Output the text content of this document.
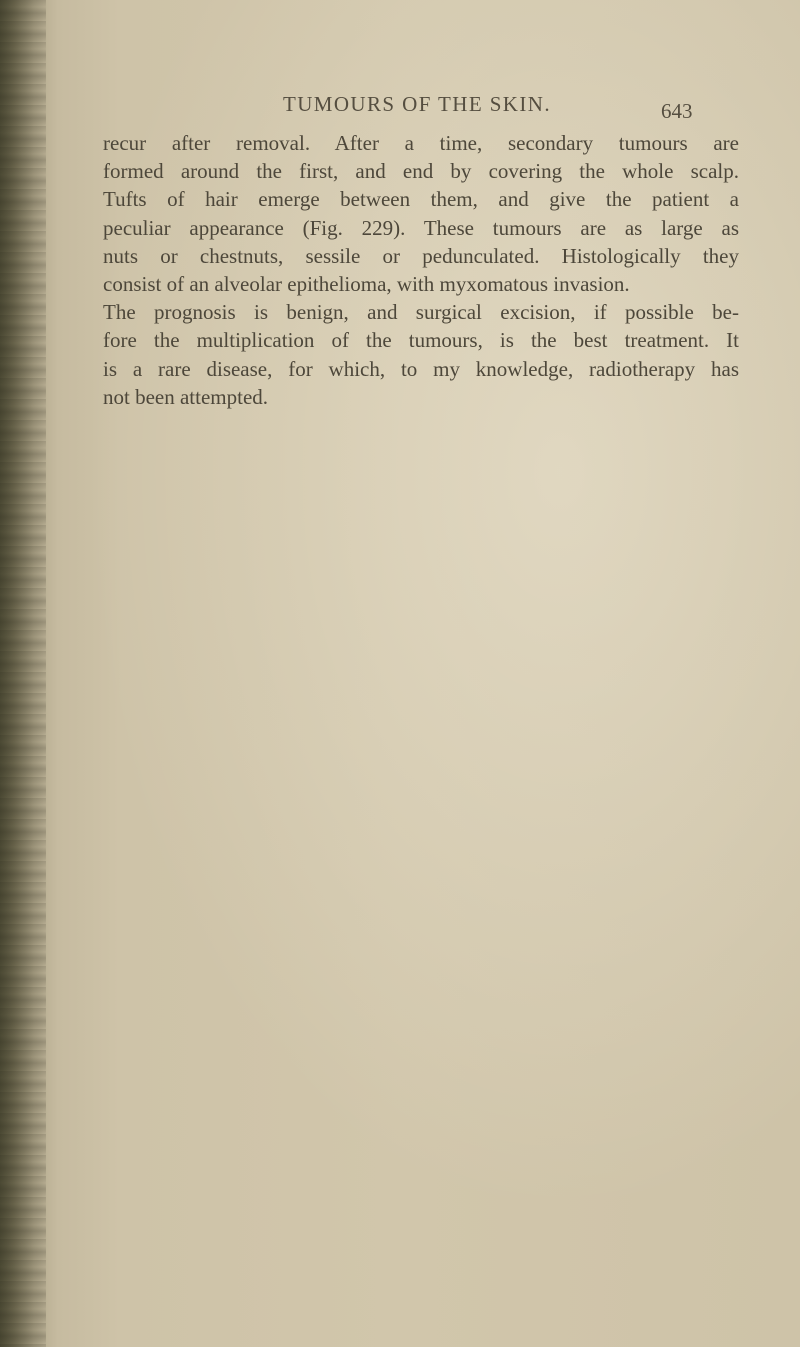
TUMOURS OF THE SKIN.	643
recur after removal. After a time, secondary tumours are
formed around the first, and end by covering the whole scalp.
Tufts of hair emerge between them, and give the patient a
peculiar appearance (Fig. 229). These tumours are as large as
nuts or chestnuts, sessile or pedunculated. Histologically they
consist of an alveolar epithelioma, with myxomatous invasion.
The prognosis is benign, and surgical excision, if possible be-
fore the multiplication of the tumours, is the best treatment. It
is a rare disease, for which, to my knowledge, radiotherapy has
not been attempted.
